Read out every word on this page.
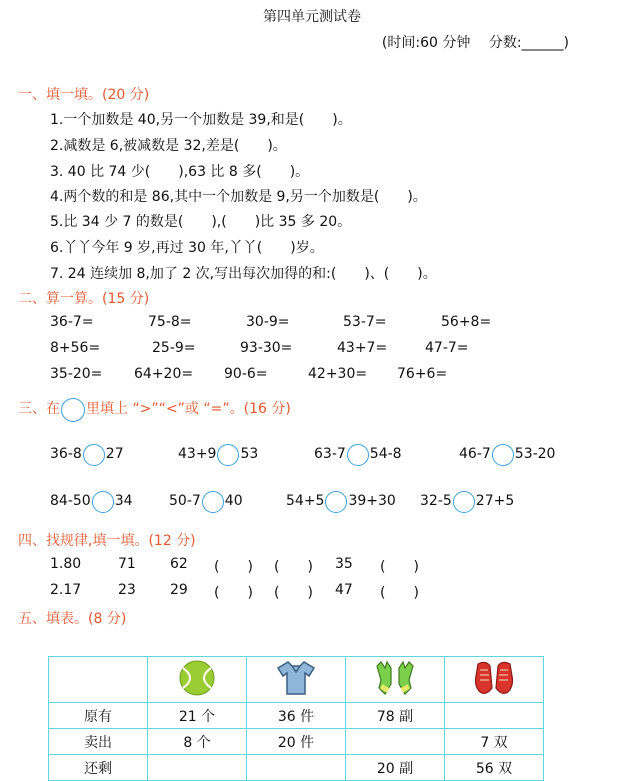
第四单元测试卷
(时间:60 分钟　 分数:______)
一、填一填。(20 分)
1.一个加数是 40,另一个加数是 39,和是(　　)。
2.减数是 6,被减数是 32,差是(　　)。
3. 40 比 74 少(　　),63 比 8 多(　　)。
4.两个数的和是 86,其中一个加数是 9,另一个加数是(　　)。
5.比 34 少 7 的数是(　　),(　　)比 35 多 20。
6.丫丫今年 9 岁,再过 30 年,丫丫(　　)岁。
7. 24 连续加 8,加了 2 次,写出每次加得的和:(　　)、(　　)。
二、算一算。(15 分)
36-7=	75-8=	30-9=	53-7=	56+8=
8+56=	25-9=	93-30=	43+7=	47-7=
35-20= 64+20= 90-6=	42+30= 76+6=
三、在 里填上 “>”“<”或 “=”。(16 分)
36-8 27	43+9 53	63-7 54-8	46-7 53-20
84-50 34	50-7 40	54+5 39+30 32-5 27+5
四、找规律,填一填。(12 分)
1.80	71 62 (　　) (　　) 35 (　　)
2.17	23 29 (　　) (　　) 47 (　　)
五、填表。(8 分)

原有	21 个	36 件	78 副	
卖出	8 个	20 件		7 双
还剩			20 副	56 双
